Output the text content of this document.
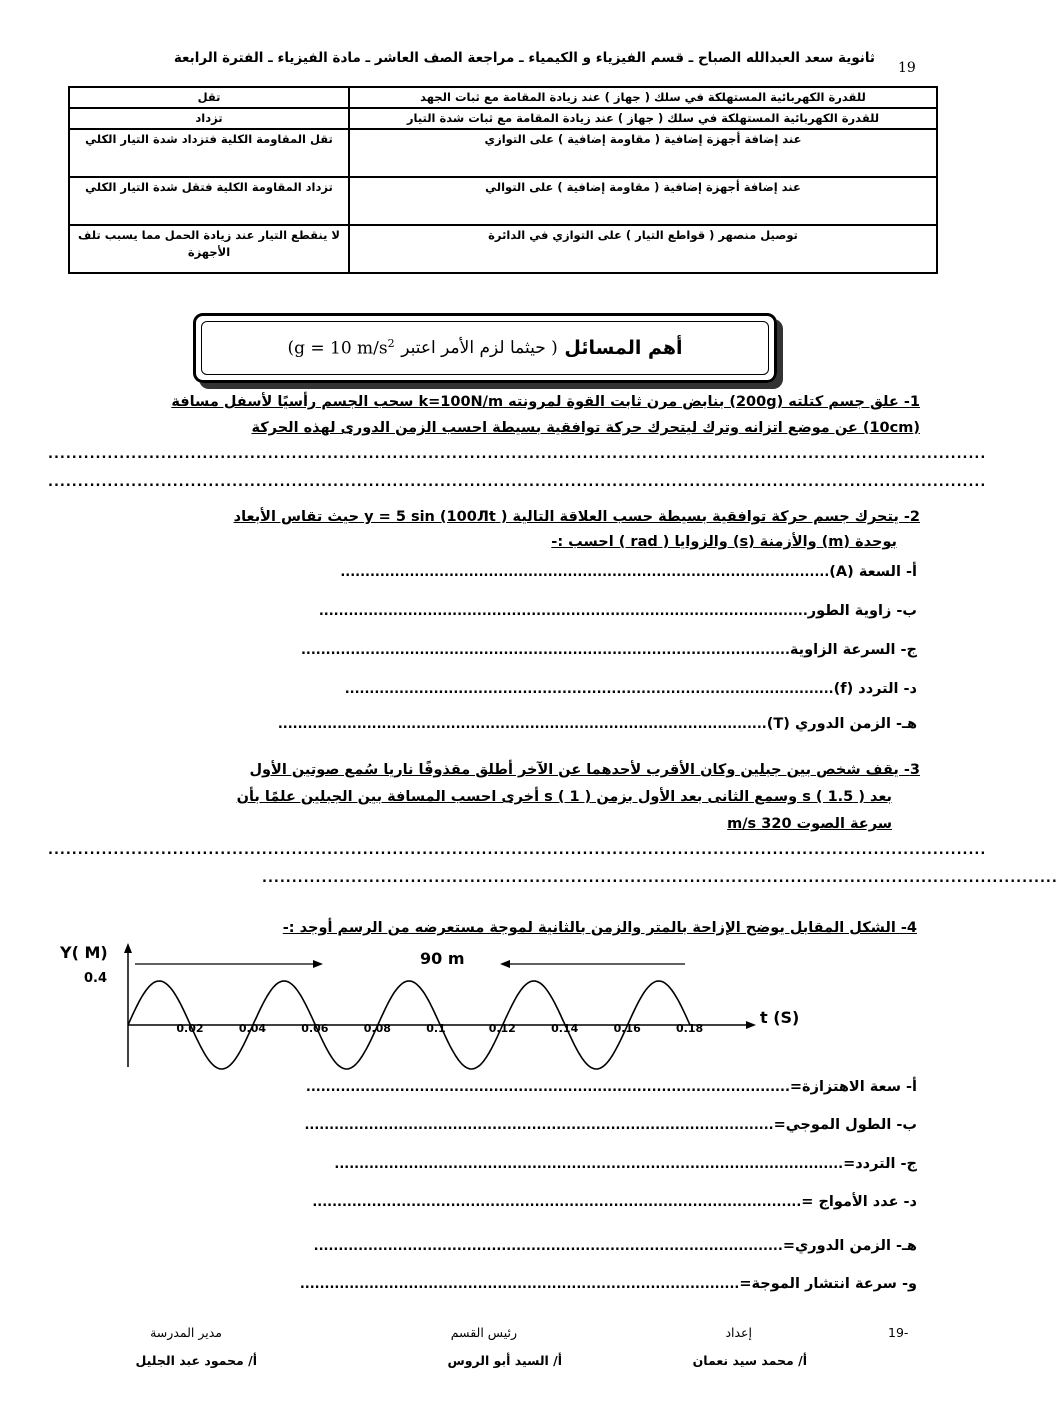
ثانوية سعد العبدالله الصباح ـ قسم الفيزياء و الكيمياء ـ مراجعة الصف العاشر ـ مادة الفيزياء ـ الفترة الرابعة
19
للقدرة الكهربائية المستهلكة في سلك ( جهاز ) عند زيادة المقامة مع ثبات الجهد	تقل
للقدرة الكهربائية المستهلكة في سلك ( جهاز ) عند زيادة المقامة مع ثبات شدة التيار	تزداد
عند إضافة أجهزة إضافية ( مقاومة إضافية ) على التوازي	تقل المقاومة الكلية فتزداد شدة التيار الكلي
عند إضافة أجهزة إضافية ( مقاومة إضافية ) على التوالي	تزداد المقاومة الكلية فتقل شدة التيار الكلي
توصيل منصهر ( قواطع التيار ) على التوازي في الدائرة	لا ينقطع التيار عند زيادة الحمل مما يسبب تلف الأجهزة
أهم المسائل

( حيثما لزم الأمر اعتبر

g = 10 $m/s^2$
)
1- علق جسم كتلته (200g) بنابض مرن ثابت القوة لمرونته k=100N/m سحب الجسم رأسيًا لأسفل مسافة
(10cm) عن موضع اتزانه وترك ليتحرك حركة توافقية بسيطة احسب الزمن الدورى لهذه الحركة
..............................................................................................................................................................
..............................................................................................................................................................
2- يتحرك جسم حركة توافقية بسيطة حسب العلاقة التالية ( y = 5 sin (100Лt حيث تقاس الأبعاد
بوحدة (m) والأزمنة (s) والزوايا ( rad ) احسب :-
أ- السعة (A)...................................................................................................
ب- زاوية الطور...................................................................................................
ج- السرعة الزاوية...................................................................................................
د- التردد (f)...................................................................................................
هـ- الزمن الدوري (T)...................................................................................................
3- يقف شخص بين جبلين وكان الأقرب لأحدهما عن الآخر أطلق مقذوفًا ناريا سُمع صوتين الأول
بعد ( 1.5 ) s وسمع الثانى بعد الأول بزمن s ( 1 ) أخرى احسب المسافة بين الجبلين علمًا بأن
سرعة الصوت 320 m/s
..............................................................................................................................................................
......................................................................................................................................
4- الشكل المقابل يوضح الإزاحة بالمتر والزمن بالثانية لموجة مستعرضه من الرسم أوجد :-
Y( M)
0.4
t (S)
90 m
0.02	0.04	0.06	0.08	0.1	0.12	0.14	0.16	0.18
أ- سعة الاهتزازة=..................................................................................................
ب- الطول الموجي=...............................................................................................
ج- التردد=.......................................................................................................
د- عدد الأمواج =...................................................................................................
هـ- الزمن الدوري=...............................................................................................
و- سرعة انتشار الموجة=.........................................................................................
19-
إعداد
أ/ محمد سيد نعمان
رئيس القسم
أ/ السيد أبو الروس
مدير المدرسة
أ/ محمود عبد الجليل
